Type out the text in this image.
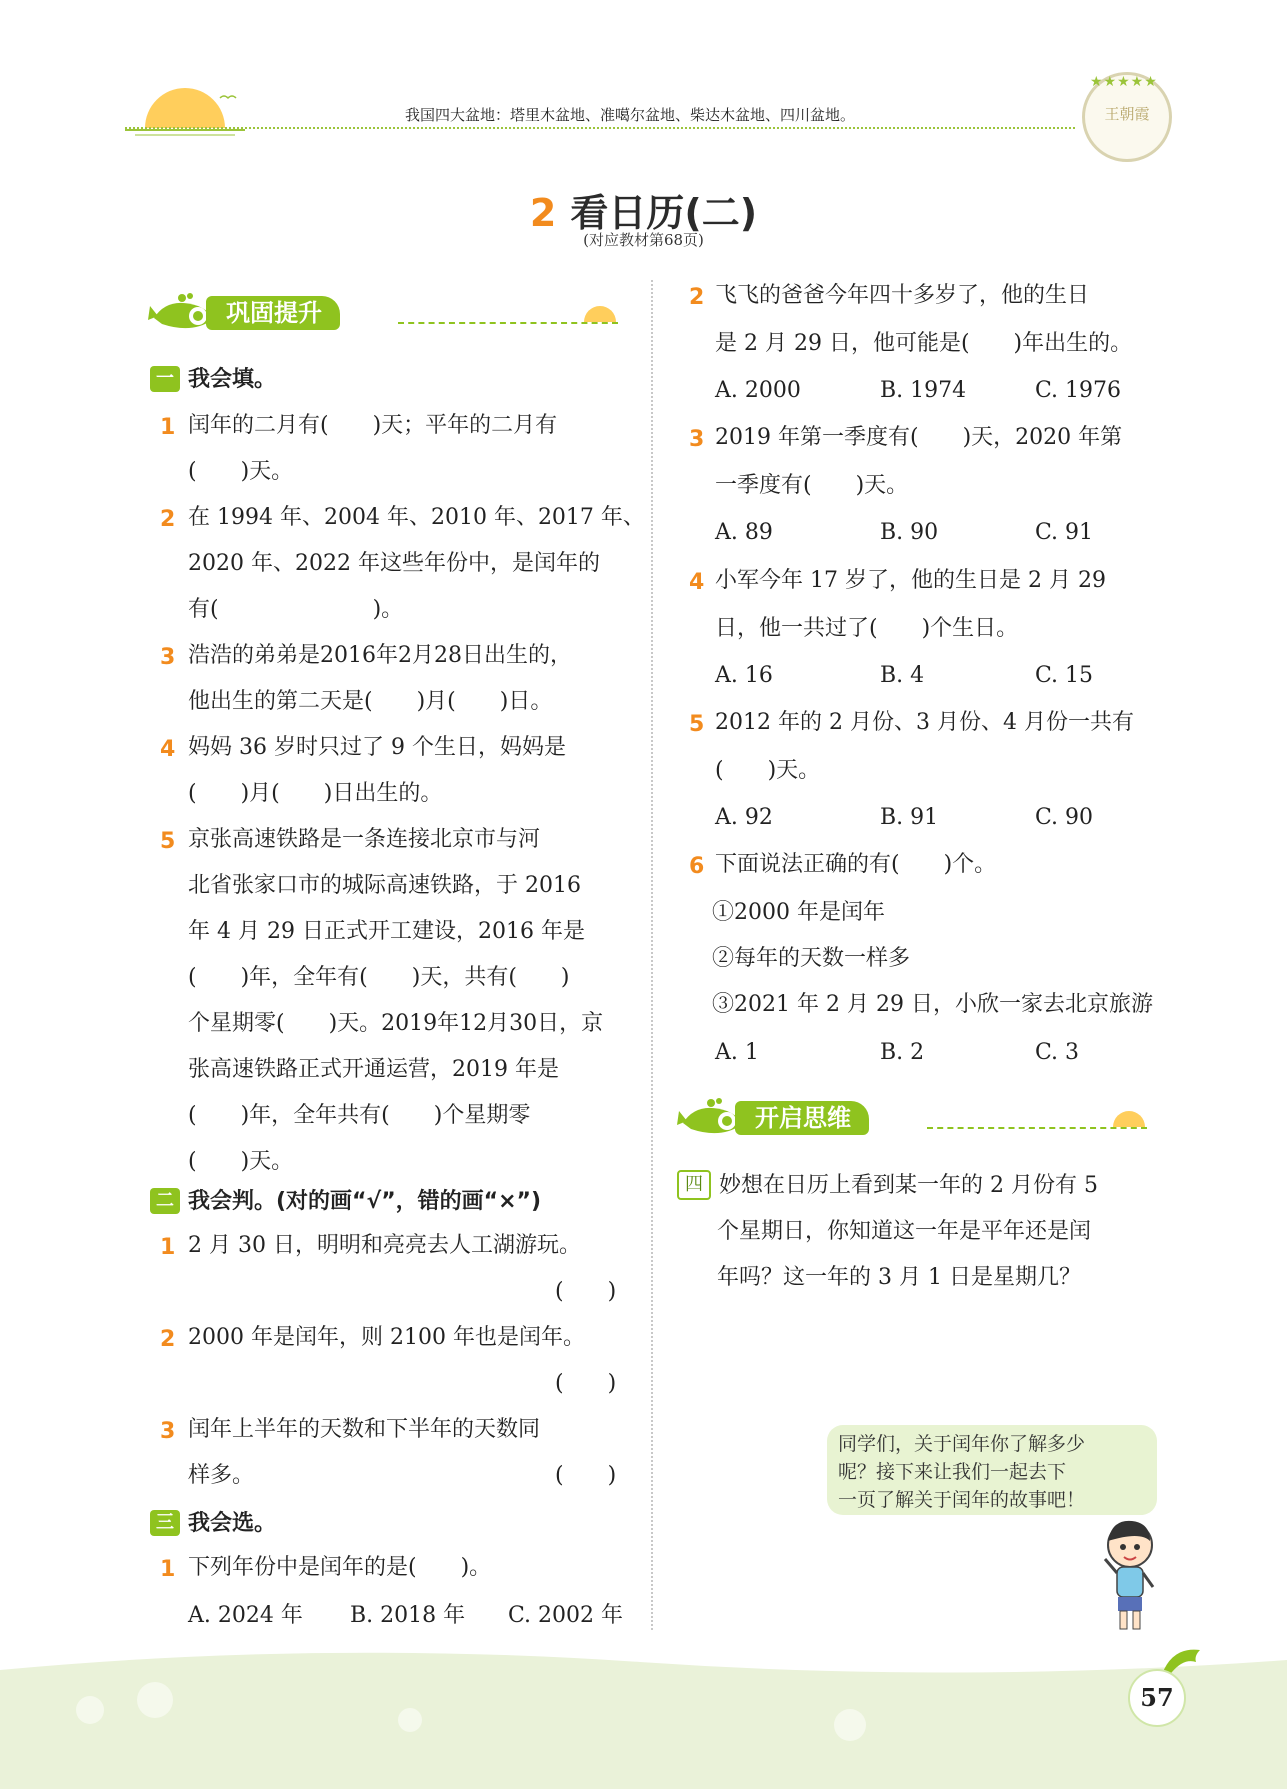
我国四大盆地：塔里木盆地、准噶尔盆地、柴达木盆地、四川盆地。	王朝霞
★★★★★
2 看日历(二)
(对应教材第68页)
巩固提升
一 我会填。
1 闰年的二月有(　　)天；平年的二月有
(　　)天。
2 在 1994 年、2004 年、2010 年、2017 年、
2020 年、2022 年这些年份中，是闰年的
有(　　　　　　　)。
3 浩浩的弟弟是2016年2月28日出生的，
他出生的第二天是(　　)月(　　)日。
4 妈妈 36 岁时只过了 9 个生日，妈妈是
(　　)月(　　)日出生的。
5 京张高速铁路是一条连接北京市与河
北省张家口市的城际高速铁路，于 2016
年 4 月 29 日正式开工建设，2016 年是
(　　)年，全年有(　　)天，共有(　　)
个星期零(　　)天。2019年12月30日，京
张高速铁路正式开通运营，2019 年是
(　　)年，全年共有(　　)个星期零
(　　)天。
二 我会判。(对的画“√”，错的画“×”)
1 2 月 30 日，明明和亮亮去人工湖游玩。
(　　)
2 2000 年是闰年，则 2100 年也是闰年。
(　　)
3 闰年上半年的天数和下半年的天数同
样多。	(　　)
三 我会选。
1 下列年份中是闰年的是(　　)。
A. 2024 年 B. 2018 年 C. 2002 年
2 飞飞的爸爸今年四十多岁了，他的生日
是 2 月 29 日，他可能是(　　)年出生的。
A. 2000	B. 1974	C. 1976
3 2019 年第一季度有(　　)天，2020 年第
一季度有(　　)天。
A. 89	B. 90	C. 91
4 小军今年 17 岁了，他的生日是 2 月 29
日，他一共过了(　　)个生日。
A. 16	B. 4	C. 15
5 2012 年的 2 月份、3 月份、4 月份一共有
(　　)天。
A. 92	B. 91	C. 90
6 下面说法正确的有(　　)个。
①2000 年是闰年
②每年的天数一样多
③2021 年 2 月 29 日，小欣一家去北京旅游
A. 1	B. 2	C. 3
开启思维
四 妙想在日历上看到某一年的 2 月份有 5
个星期日，你知道这一年是平年还是闰
年吗？这一年的 3 月 1 日是星期几？
同学们，关于闰年你了解多少
呢？接下来让我们一起去下
一页了解关于闰年的故事吧！
57
